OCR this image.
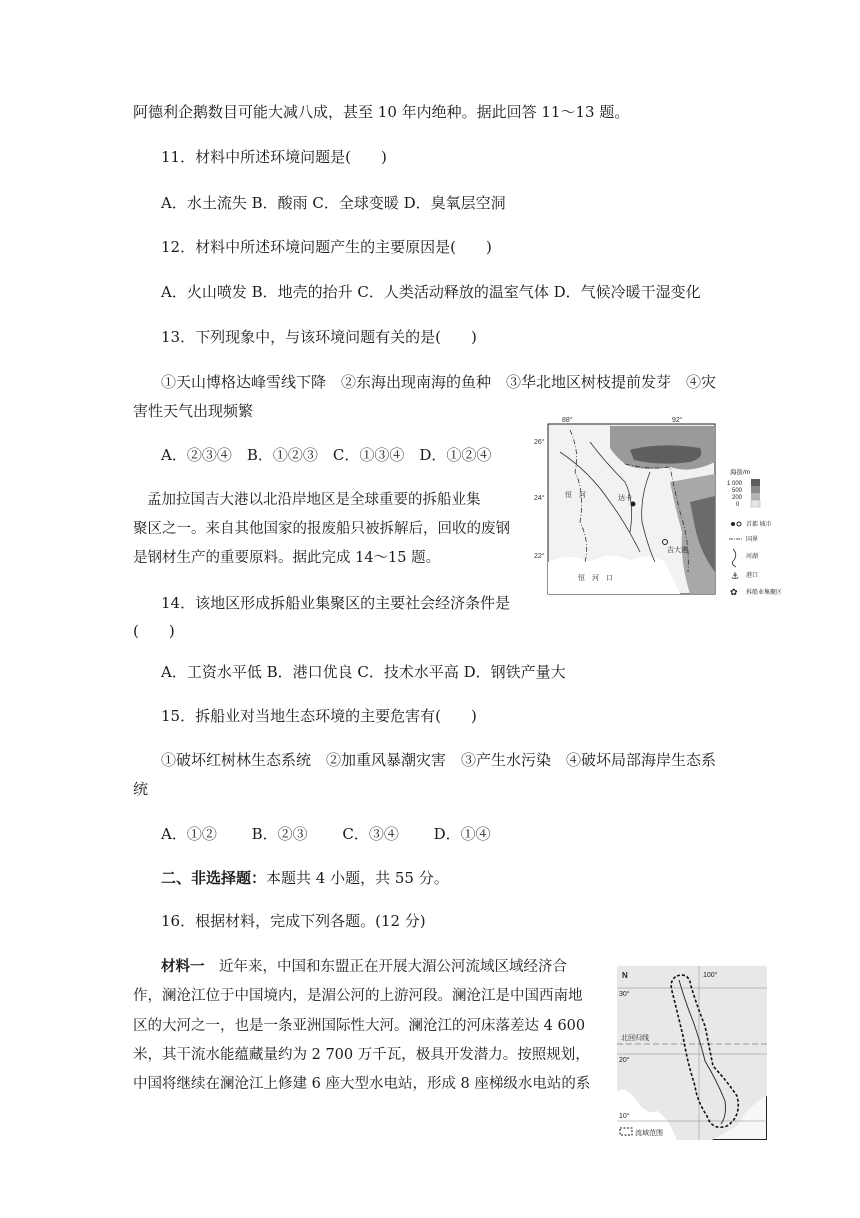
阿德利企鹅数目可能大减八成，甚至 10 年内绝种。据此回答 11～13 题。
11．材料中所述环境问题是(　　)
A．水土流失 B．酸雨 C．全球变暖 D．臭氧层空洞
12．材料中所述环境问题产生的主要原因是(　　)
A．火山喷发 B．地壳的抬升 C．人类活动释放的温室气体 D．气候冷暖干湿变化
13．下列现象中，与该环境问题有关的是(　　)
①天山博格达峰雪线下降　②东海出现南海的鱼种　③华北地区树枝提前发芽　④灾
害性天气出现频繁
A．②③④　B．①②③　C．①③④　D．①②④
孟加拉国吉大港以北沿岸地区是全球重要的拆船业集
聚区之一。来自其他国家的报废船只被拆解后，回收的废钢
是钢材生产的重要原料。据此完成 14～15 题。
14．该地区形成拆船业集聚区的主要社会经济条件是
(　　)
A．工资水平低 B．港口优良 C．技术水平高 D．钢铁产量大
15．拆船业对当地生态环境的主要危害有(　　)
①破坏红树林生态系统　②加重风暴潮灾害　③产生水污染　④破坏局部海岸生态系
统
A．①②　　 B．②③　　 C．③④　　 D．①④
二、非选择题：本题共 4 小题，共 55 分。
16．根据材料，完成下列各题。(12 分)
材料一　近年来，中国和东盟正在开展大湄公河流域区域经济合
作，澜沧江位于中国境内，是湄公河的上游河段。澜沧江是中国西南地
区的大河之一，也是一条亚洲国际性大河。澜沧江的河床落差达 4 600
米，其干流水能蕴藏量约为 2 700 万千瓦，极具开发潜力。按照规划，
中国将继续在澜沧江上修建 6 座大型水电站，形成 8 座梯级水电站的系
88°	92°
26°
24°
22°
达卡
吉大港
恒　河
恒　河　口
海拔/m
1 000
500
200
0
首都 城市
国界
河湖
⚓ 港口
✿ 拆船业集聚区
N	100°
30°
20°
10°
北回归线
流域范围
